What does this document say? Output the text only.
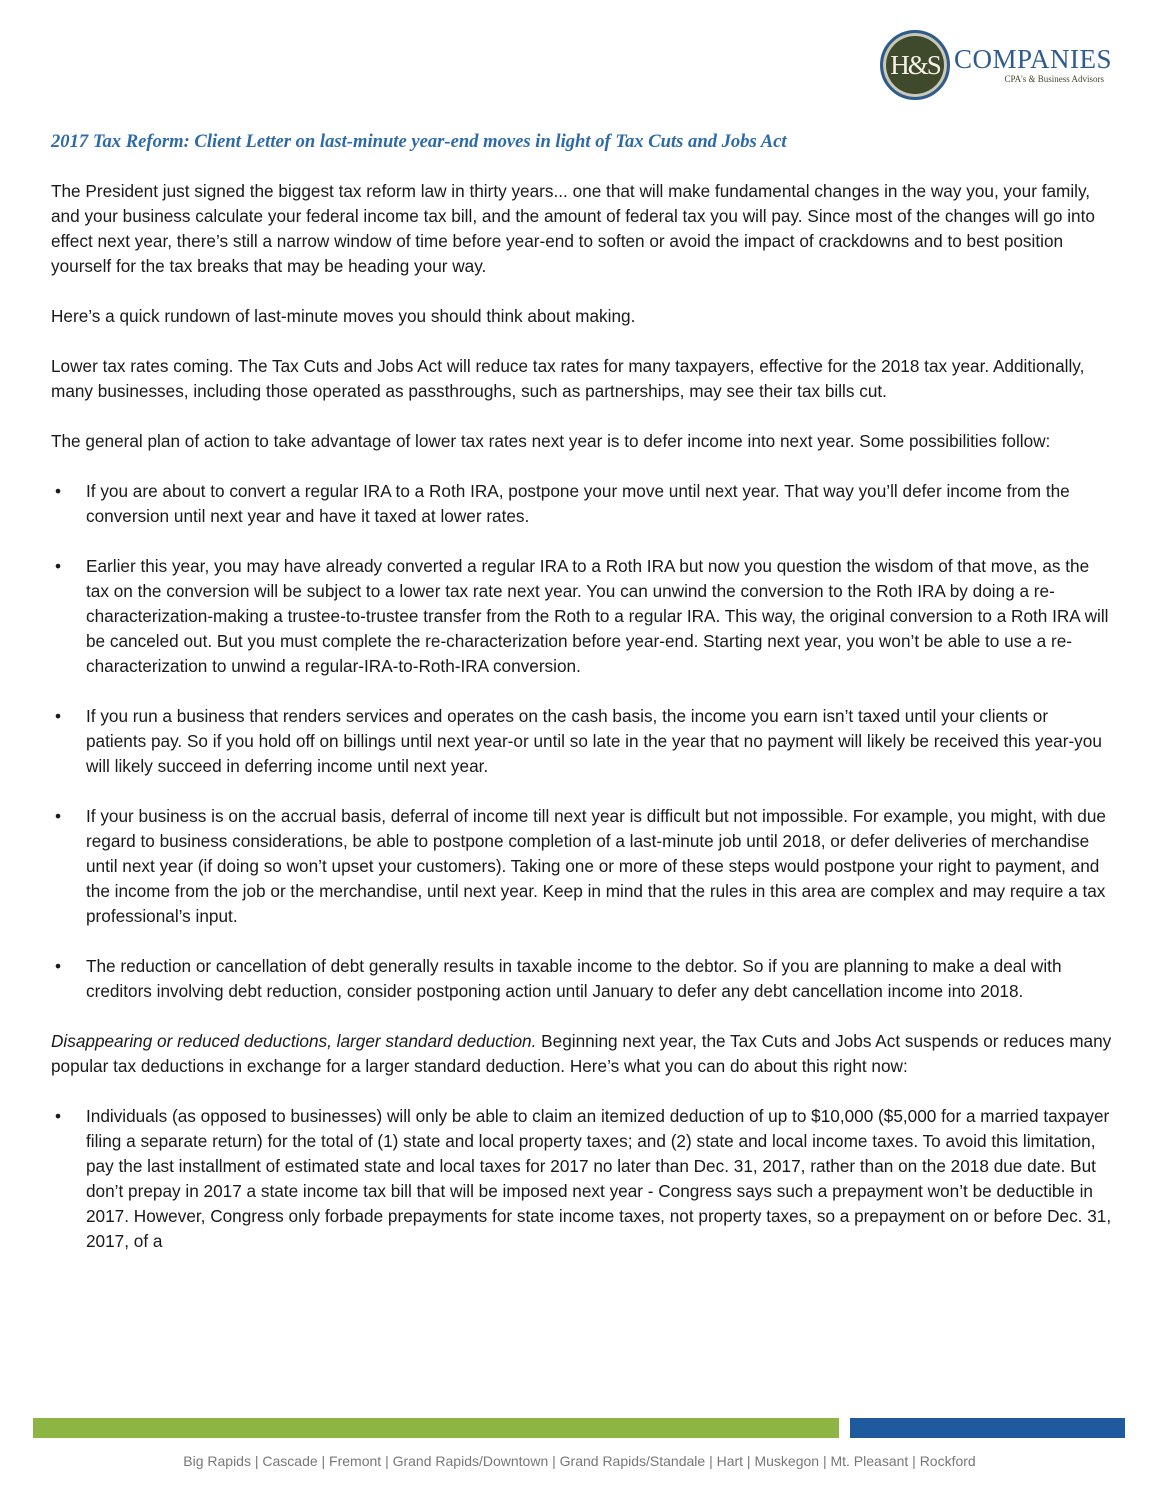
H&S COMPANIES
CPA's & Business Advisors
2017 Tax Reform: Client Letter on last-minute year-end moves in light of Tax Cuts and Jobs Act

The President just signed the biggest tax reform law in thirty years... one that will make fundamental changes in the way you, your family, and your business calculate your federal income tax bill, and the amount of federal tax you will pay. Since most of the changes will go into effect next year, there’s still a narrow window of time before year-end to soften or avoid the impact of crackdowns and to best position yourself for the tax breaks that may be heading your way.

Here’s a quick rundown of last-minute moves you should think about making.

Lower tax rates coming. The Tax Cuts and Jobs Act will reduce tax rates for many taxpayers, effective for the 2018 tax year. Additionally, many businesses, including those operated as passthroughs, such as partnerships, may see their tax bills cut.

The general plan of action to take advantage of lower tax rates next year is to defer income into next year. Some possibilities follow:

• If you are about to convert a regular IRA to a Roth IRA, postpone your move until next year. That way you’ll defer income from the conversion until next year and have it taxed at lower rates.
• Earlier this year, you may have already converted a regular IRA to a Roth IRA but now you question the wisdom of that move, as the tax on the conversion will be subject to a lower tax rate next year. You can unwind the conversion to the Roth IRA by doing a re-characterization-making a trustee-to-trustee transfer from the Roth to a regular IRA. This way, the original conversion to a Roth IRA will be canceled out. But you must complete the re-characterization before year-end. Starting next year, you won’t be able to use a re-characterization to unwind a regular-IRA-to-Roth-IRA conversion.
• If you run a business that renders services and operates on the cash basis, the income you earn isn’t taxed until your clients or patients pay. So if you hold off on billings until next year-or until so late in the year that no payment will likely be received this year-you will likely succeed in deferring income until next year.
• If your business is on the accrual basis, deferral of income till next year is difficult but not impossible. For example, you might, with due regard to business considerations, be able to postpone completion of a last-minute job until 2018, or defer deliveries of merchandise until next year (if doing so won’t upset your customers). Taking one or more of these steps would postpone your right to payment, and the income from the job or the merchandise, until next year. Keep in mind that the rules in this area are complex and may require a tax professional’s input.
• The reduction or cancellation of debt generally results in taxable income to the debtor. So if you are planning to make a deal with creditors involving debt reduction, consider postponing action until January to defer any debt cancellation income into 2018.

Disappearing or reduced deductions, larger standard deduction. Beginning next year, the Tax Cuts and Jobs Act suspends or reduces many popular tax deductions in exchange for a larger standard deduction. Here’s what you can do about this right now:

• Individuals (as opposed to businesses) will only be able to claim an itemized deduction of up to $10,000 ($5,000 for a married taxpayer filing a separate return) for the total of (1) state and local property taxes; and (2) state and local income taxes. To avoid this limitation, pay the last installment of estimated state and local taxes for 2017 no later than Dec. 31, 2017, rather than on the 2018 due date. But don’t prepay in 2017 a state income tax bill that will be imposed next year - Congress says such a prepayment won’t be deductible in 2017. However, Congress only forbade prepayments for state income taxes, not property taxes, so a prepayment on or before Dec. 31, 2017, of a
Big Rapids | Cascade | Fremont | Grand Rapids/Downtown | Grand Rapids/Standale | Hart | Muskegon | Mt. Pleasant | Rockford
